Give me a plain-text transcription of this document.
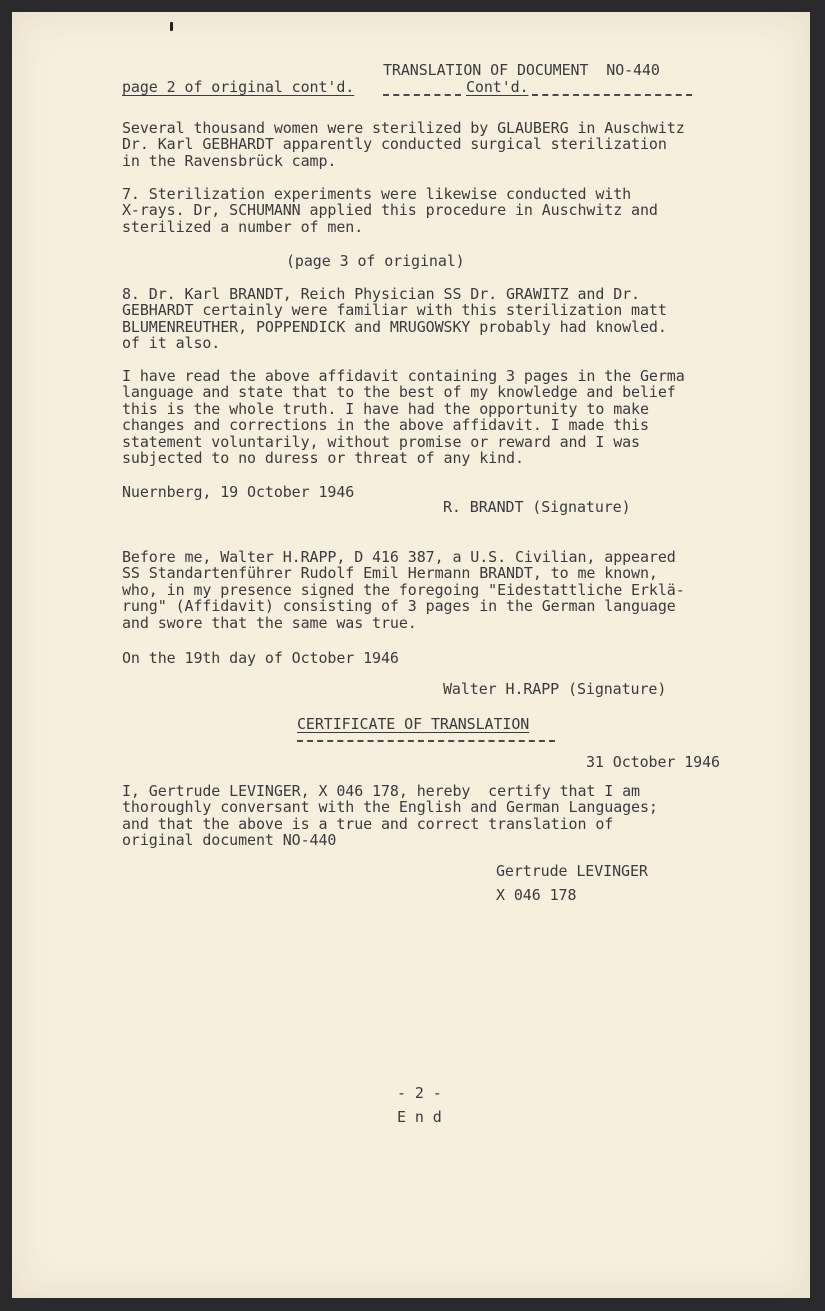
TRANSLATION OF DOCUMENT  NO-440
page 2 of original cont'd.	Cont'd.
Several thousand women were sterilized by GLAUBERG in Auschwitz
Dr. Karl GEBHARDT apparently conducted surgical sterilization
in the Ravensbrück camp.
7. Sterilization experiments were likewise conducted with
X-rays. Dr, SCHUMANN applied this procedure in Auschwitz and
sterilized a number of men.
(page 3 of original)
8. Dr. Karl BRANDT, Reich Physician SS Dr. GRAWITZ and Dr.
GEBHARDT certainly were familiar with this sterilization matt
BLUMENREUTHER, POPPENDICK and MRUGOWSKY probably had knowled.
of it also.
I have read the above affidavit containing 3 pages in the Germa
language and state that to the best of my knowledge and belief
this is the whole truth. I have had the opportunity to make
changes and corrections in the above affidavit. I made this
statement voluntarily, without promise or reward and I was
subjected to no duress or threat of any kind.
Nuernberg, 19 October 1946
R. BRANDT (Signature)
Before me, Walter H.RAPP, D 416 387, a U.S. Civilian, appeared
SS Standartenführer Rudolf Emil Hermann BRANDT, to me known,
who, in my presence signed the foregoing "Eidestattliche Erklä-
rung" (Affidavit) consisting of 3 pages in the German language
and swore that the same was true.
On the 19th day of October 1946
Walter H.RAPP (Signature)
CERTIFICATE OF TRANSLATION
31 October 1946
I, Gertrude LEVINGER, X 046 178, hereby  certify that I am
thoroughly conversant with the English and German Languages;
and that the above is a true and correct translation of
original document NO-440
Gertrude LEVINGER
X 046 178
- 2 -
E n d
